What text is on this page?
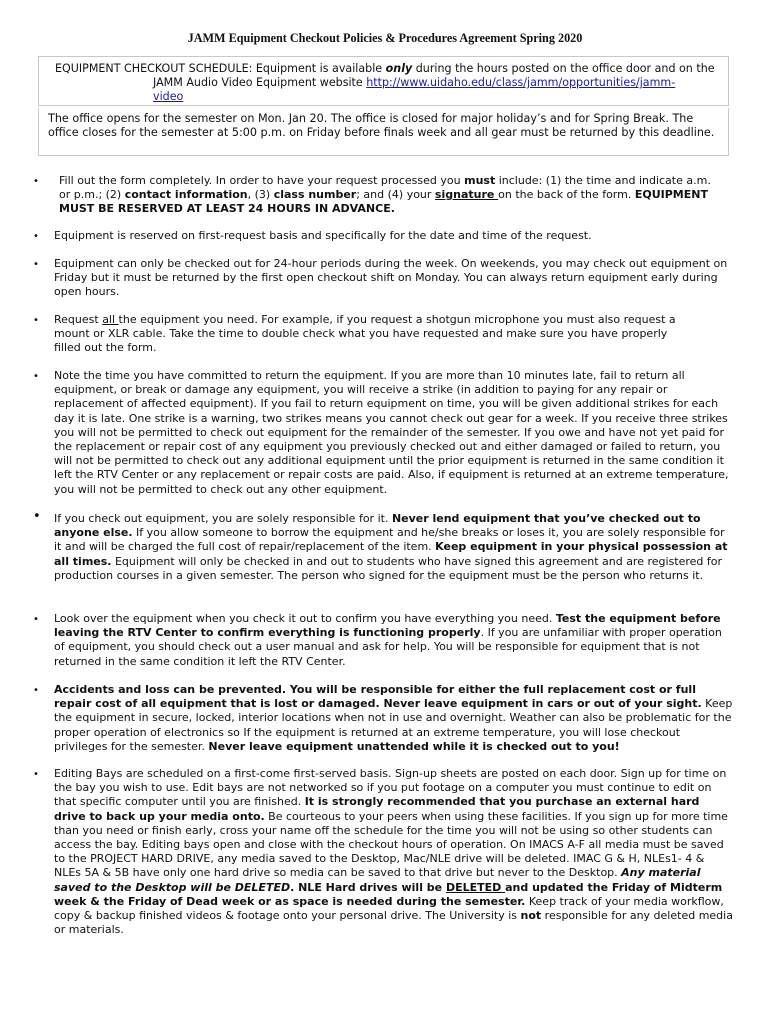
JAMM Equipment Checkout Policies & Procedures Agreement Spring 2020
EQUIPMENT CHECKOUT SCHEDULE: Equipment is available only during the hours posted on the office door and on the
JAMM Audio Video Equipment website http://www.uidaho.edu/class/jamm/opportunities/jamm-
video
The office opens for the semester on Mon. Jan 20. The office is closed for major holiday’s and for Spring Break. The office closes for the semester at 5:00 p.m. on Friday before finals week and all gear must be returned by this deadline.
• Fill out the form completely. In order to have your request processed you must include: (1) the time and indicate a.m. or p.m.; (2) contact information, (3) class number; and (4) your signature on the back of the form. EQUIPMENT MUST BE RESERVED AT LEAST 24 HOURS IN ADVANCE.
• Equipment is reserved on first-request basis and specifically for the date and time of the request.
• Equipment can only be checked out for 24-hour periods during the week. On weekends, you may check out equipment on Friday but it must be returned by the first open checkout shift on Monday. You can always return equipment early during open hours.
• Request all the equipment you need. For example, if you request a shotgun microphone you must also request a mount or XLR cable. Take the time to double check what you have requested and make sure you have properly filled out the form.
• Note the time you have committed to return the equipment. If you are more than 10 minutes late, fail to return all equipment, or break or damage any equipment, you will receive a strike (in addition to paying for any repair or replacement of affected equipment). If you fail to return equipment on time, you will be given additional strikes for each day it is late. One strike is a warning, two strikes means you cannot check out gear for a week. If you receive three strikes you will not be permitted to check out equipment for the remainder of the semester. If you owe and have not yet paid for the replacement or repair cost of any equipment you previously checked out and either damaged or failed to return, you will not be permitted to check out any additional equipment until the prior equipment is returned in the same condition it left the RTV Center or any replacement or repair costs are paid. Also, if equipment is returned at an extreme temperature, you will not be permitted to check out any other equipment.
• If you check out equipment, you are solely responsible for it. Never lend equipment that you’ve checked out to anyone else. If you allow someone to borrow the equipment and he/she breaks or loses it, you are solely responsible for it and will be charged the full cost of repair/replacement of the item. Keep equipment in your physical possession at all times. Equipment will only be checked in and out to students who have signed this agreement and are registered for production courses in a given semester. The person who signed for the equipment must be the person who returns it.
• Look over the equipment when you check it out to confirm you have everything you need. Test the equipment before leaving the RTV Center to confirm everything is functioning properly. If you are unfamiliar with proper operation of equipment, you should check out a user manual and ask for help. You will be responsible for equipment that is not returned in the same condition it left the RTV Center.
• Accidents and loss can be prevented. You will be responsible for either the full replacement cost or full repair cost of all equipment that is lost or damaged. Never leave equipment in cars or out of your sight. Keep the equipment in secure, locked, interior locations when not in use and overnight. Weather can also be problematic for the proper operation of electronics so If the equipment is returned at an extreme temperature, you will lose checkout privileges for the semester. Never leave equipment unattended while it is checked out to you!
• Editing Bays are scheduled on a first-come first-served basis. Sign-up sheets are posted on each door. Sign up for time on the bay you wish to use. Edit bays are not networked so if you put footage on a computer you must continue to edit on that specific computer until you are finished. It is strongly recommended that you purchase an external hard drive to back up your media onto. Be courteous to your peers when using these facilities. If you sign up for more time than you need or finish early, cross your name off the schedule for the time you will not be using so other students can access the bay. Editing bays open and close with the checkout hours of operation. On IMACS A-F all media must be saved to the PROJECT HARD DRIVE, any media saved to the Desktop, Mac/NLE drive will be deleted. IMAC G & H, NLEs1- 4 & NLEs 5A & 5B have only one hard drive so media can be saved to that drive but never to the Desktop. Any material saved to the Desktop will be DELETED. NLE Hard drives will be DELETED and updated the Friday of Midterm week & the Friday of Dead week or as space is needed during the semester. Keep track of your media workflow, copy & backup finished videos & footage onto your personal drive. The University is not responsible for any deleted media or materials.
